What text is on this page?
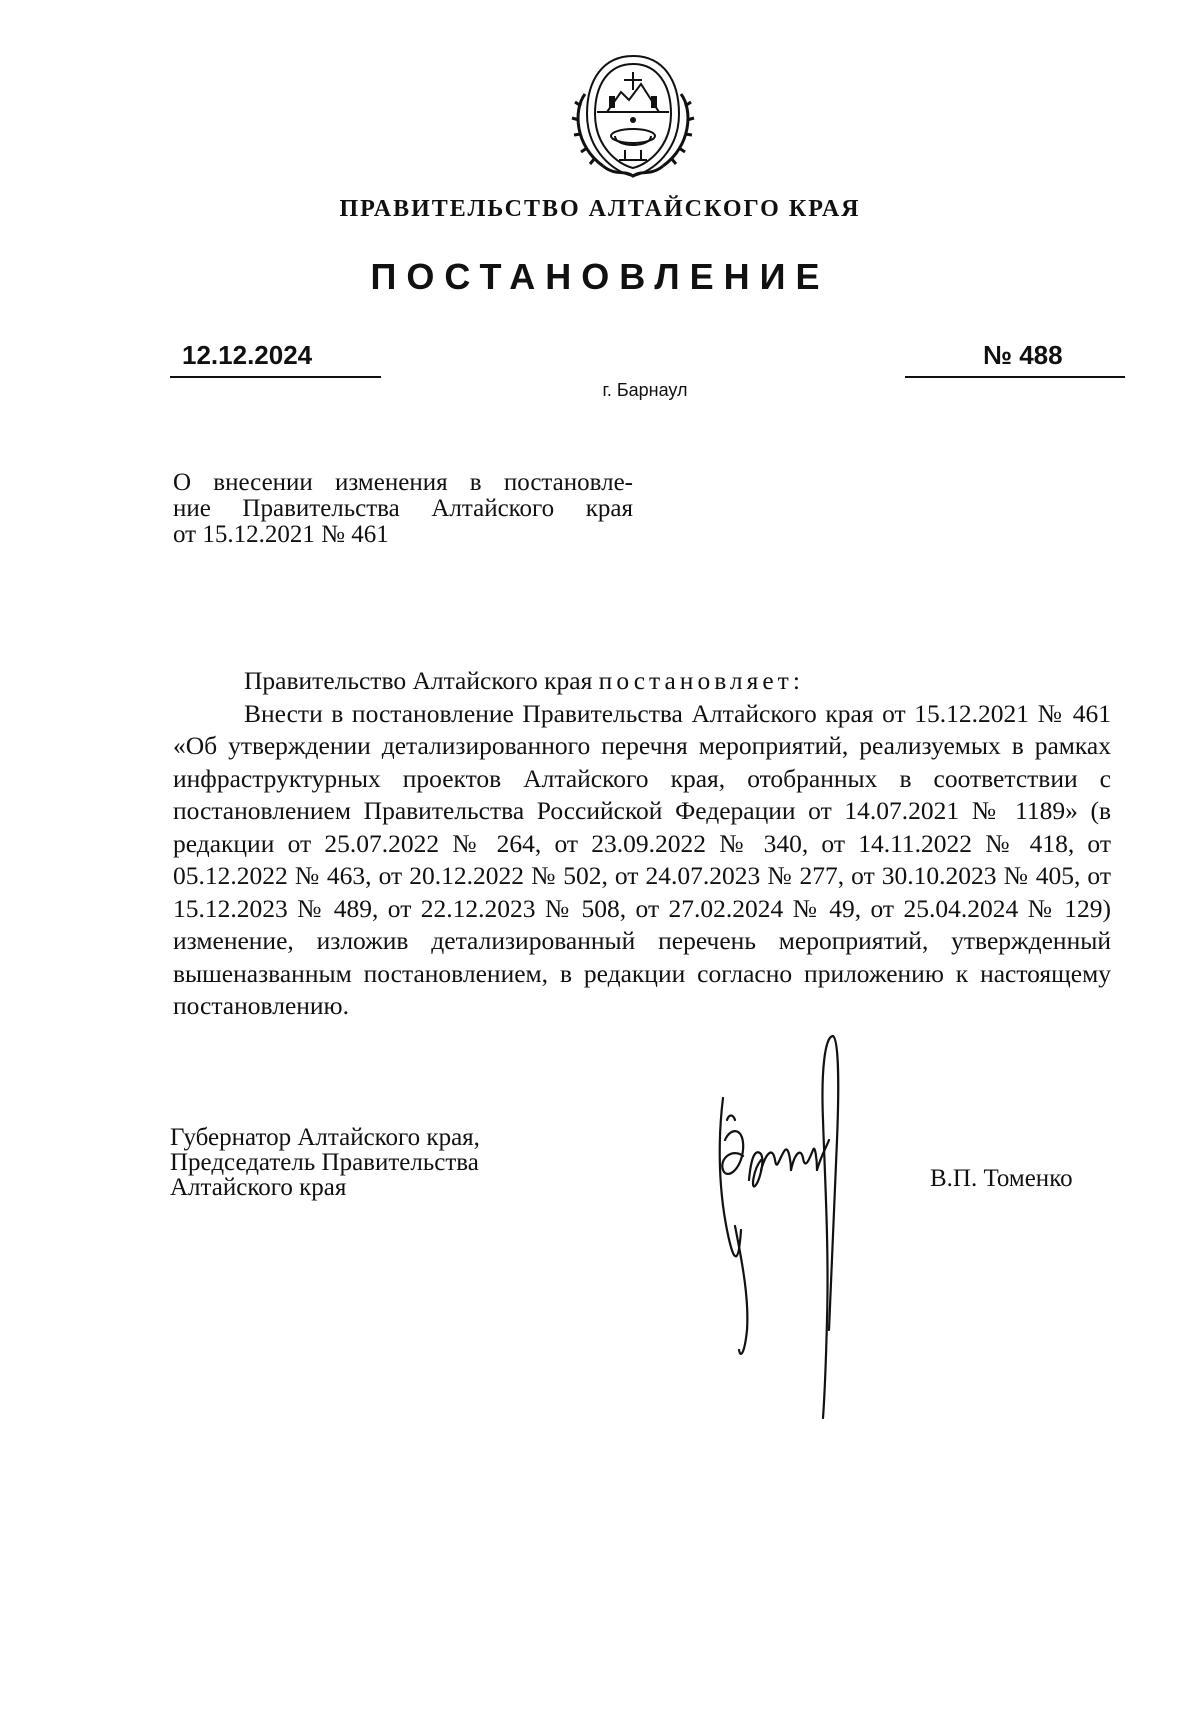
ПРАВИТЕЛЬСТВО АЛТАЙСКОГО КРАЯ
ПОСТАНОВЛЕНИЕ
12.12.2024	№ 488
г. Барнаул
О внесении изменения в постановле-
ние Правительства Алтайского края
от 15.12.2021 № 461
Правительство Алтайского края постановляет:

Внести в постановление Правительства Алтайского края от 15.12.2021 № 461 «Об утверждении детализированного перечня мероприятий, реализуемых в рамках инфраструктурных проектов Алтайского края, отобранных в соответствии с постановлением Правительства Российской Федерации от 14.07.2021 № 1189» (в редакции от 25.07.2022 № 264, от 23.09.2022 № 340, от 14.11.2022 № 418, от 05.12.2022 № 463, от 20.12.2022 № 502, от 24.07.2023 № 277, от 30.10.2023 № 405, от 15.12.2023 № 489, от 22.12.2023 № 508, от 27.02.2024 № 49, от 25.04.2024 № 129) изменение, изложив детализированный перечень мероприятий, утвержденный вышеназванным постановлением, в редакции согласно приложению к настоящему постановлению.

Губернатор Алтайского края,
Председатель Правительства
Алтайского края	В.П. Томенко
